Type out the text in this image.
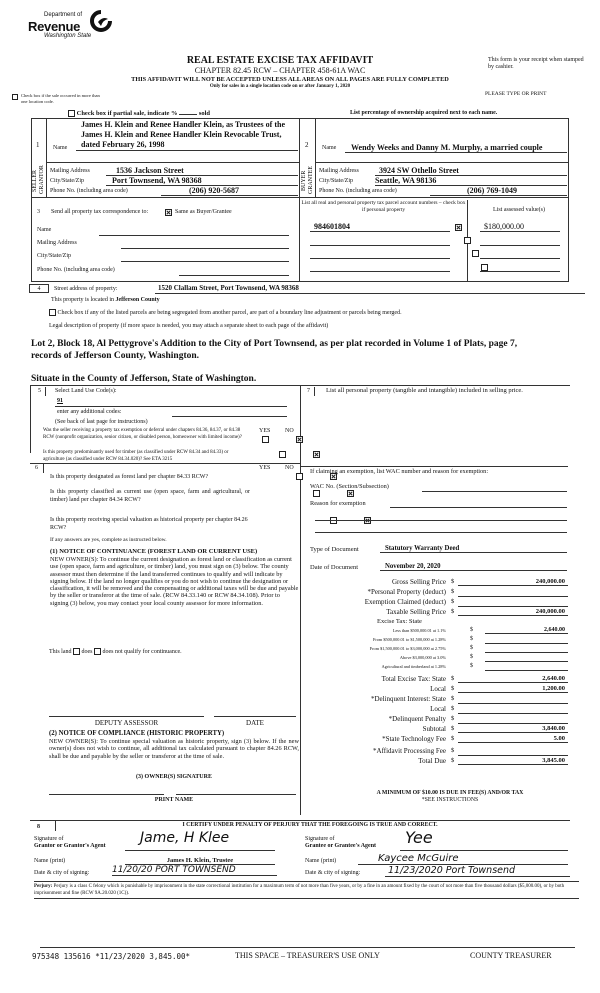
Department of
Revenue
Washington State
REAL ESTATE EXCISE TAX AFFIDAVIT
CHAPTER 82.45 RCW – CHAPTER 458-61A WAC
THIS AFFIDAVIT WILL NOT BE ACCEPTED UNLESS ALL AREAS ON ALL PAGES ARE FULLY COMPLETED
Only for sales in a single location code on or after January 1, 2020
This form is your receipt when stamped by cashier.
PLEASE TYPE OR PRINT
Check box if the sale occurred in more than one location code.
Check box if partial sale, indicate %	sold	List percentage of ownership acquired next to each name.
1
SELLER GRANTOR
Name
James H. Klein and Renee Handler Klein, as Trustees of the
James H. Klein and Renee Handler Klein Revocable Trust,
dated February 26, 1998
Mailing Address	1536 Jackson Street
City/State/Zip	Port Townsend, WA 98368
Phone No. (including area code)	(206) 920-5687
2
BUYER GRANTEE
Name	Wendy Weeks and Danny M. Murphy, a married couple
Mailing Address	3924 SW Othello Street
City/State/Zip	Seattle, WA 98136
Phone No. (including area code)	(206) 769-1049
3 Send all property tax correspondence to:	Same as Buyer/Grantee
Name
Mailing Address
City/State/Zip
Phone No. (including area code)
List all real and personal property tax parcel account numbers – check box if personal property	List assessed value(s)
984601804
	$180,000.00

4	Street address of property:	1520 Clallam Street, Port Townsend, WA 98368
This property is located in Jefferson County
Check box if any of the listed parcels are being segregated from another parcel, are part of a boundary line adjustment or parcels being merged.
Legal description of property (if more space is needed, you may attach a separate sheet to each page of the affidavit)
Lot 2, Block 18, Al Pettygrove's Addition to the City of Port Townsend, as per plat recorded in Volume 1 of Plats, page 7,
records of Jefferson County, Washington.
Situate in the County of Jefferson, State of Washington.
5	Select Land Use Code(s):
91
enter any additional codes:
(See back of last page for instructions)
YES NO
Was the seller receiving a property tax exemption or deferral under chapters 84.36, 84.37, or 84.38 RCW (nonprofit organization, senior citizen, or disabled person, homeowner with limited income)?

Is this property predominantly used for timber (as classified under RCW 84.34 and 84.33) or agriculture (as classified under RCW 84.34.020)? See ETA 3215

6	YES NO
Is this property designated as forest land per chapter 84.33 RCW?

Is this property classified as current use (open space, farm and agricultural, or timber) land per chapter 84.34 RCW?

Is this property receiving special valuation as historical property per chapter 84.26 RCW?

If any answers are yes, complete as instructed below.
(1) NOTICE OF CONTINUANCE (FOREST LAND OR CURRENT USE)
NEW OWNER(S): To continue the current designation as forest land or classification as current use (open space, farm and agriculture, or timber) land, you must sign on (3) below. The county assessor must then determine if the land transferred continues to qualify and will indicate by signing below. If the land no longer qualifies or you do not wish to continue the designation or classification, it will be removed and the compensating or additional taxes will be due and payable by the seller or transferor at the time of sale. (RCW 84.33.140 or RCW 84.34.108). Prior to signing (3) below, you may contact your local county assessor for more information.
This land does does not qualify for continuance.
DEPUTY ASSESSOR	DATE
(2) NOTICE OF COMPLIANCE (HISTORIC PROPERTY)
NEW OWNER(S): To continue special valuation as historic property, sign (3) below. If the new owner(s) does not wish to continue, all additional tax calculated pursuant to chapter 84.26 RCW, shall be due and payable by the seller or transferor at the time of sale.
(3) OWNER(S) SIGNATURE
PRINT NAME
7	List all personal property (tangible and intangible) included in selling price.
If claiming an exemption, list WAC number and reason for exemption:
WAC No. (Section/Subsection)
Reason for exemption
Type of Document	Statutory Warranty Deed
Date of Document	November 20, 2020
Gross Selling Price $	240,000.00
*Personal Property (deduct) $
Exemption Claimed (deduct) $
Taxable Selling Price $	240,000.00
Excise Tax: State
Less than $500,000.01 at 1.1%	$	2,640.00
From $500,000.01 to $1,500,000 at 1.28%	$
From $1,500,000.01 to $3,000,000 at 2.75%	$
Above $3,000,000 at 3.0%	$
Agricultural and timberland at 1.28%	$
Total Excise Tax: State $	2,640.00
Local $	1,200.00
*Delinquent Interest: State $
Local $
*Delinquent Penalty $
Subtotal $	3,840.00
*State Technology Fee $	5.00
*Affidavit Processing Fee $
Total Due $	3,845.00
A MINIMUM OF $10.00 IS DUE IN FEE(S) AND/OR TAX
*SEE INSTRUCTIONS
8	I CERTIFY UNDER PENALTY OF PERJURY THAT THE FOREGOING IS TRUE AND CORRECT.
Signature of
Grantor or Grantor's Agent Jame, H Klee
Name (print)	James H. Klein, Trustee
Date & city of signing:	11/20/20 PORT TOWNSEND
Signature of
Grantee or Grantee's Agent Yee
Name (print)	Kaycee McGuire
Date & city of signing:	11/23/2020 Port Townsend
Perjury: Perjury is a class C felony which is punishable by imprisonment in the state correctional institution for a maximum term of not more than five years, or by a fine in an amount fixed by the court of not more than five thousand dollars ($5,000.00), or by both imprisonment and fine (RCW 9A.20.020 (1C)).
975348 135616 *11/23/2020 3,845.00*	THIS SPACE – TREASURER'S USE ONLY	COUNTY TREASURER
